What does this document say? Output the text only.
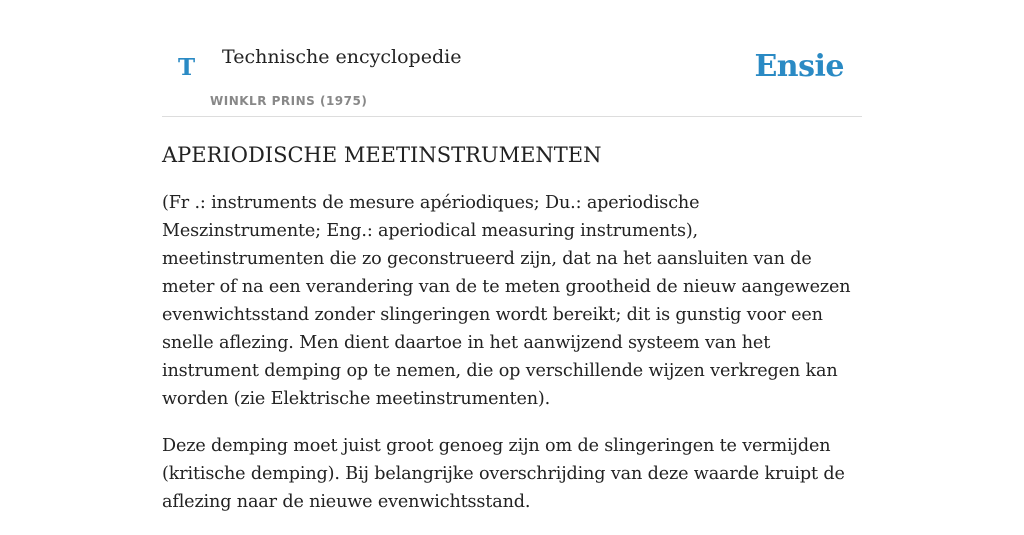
T Technische encyclopedie
WINKLR PRINS (1975)
Ensie
APERIODISCHE MEETINSTRUMENTEN

(Fr .: instruments de mesure apériodiques; Du.: aperiodische Meszinstrumente; Eng.: aperiodical measuring instruments), meetinstrumenten die zo geconstrueerd zijn, dat na het aansluiten van de meter of na een verandering van de te meten grootheid de nieuw aangewezen evenwichtsstand zonder slingeringen wordt bereikt; dit is gunstig voor een snelle aflezing. Men dient daartoe in het aanwijzend systeem van het instrument demping op te nemen, die op verschillende wijzen verkregen kan worden (zie Elektrische meetinstrumenten).

Deze demping moet juist groot genoeg zijn om de slingeringen te vermijden (kritische demping). Bij belangrijke overschrijding van deze waarde kruipt de aflezing naar de nieuwe evenwichtsstand.
